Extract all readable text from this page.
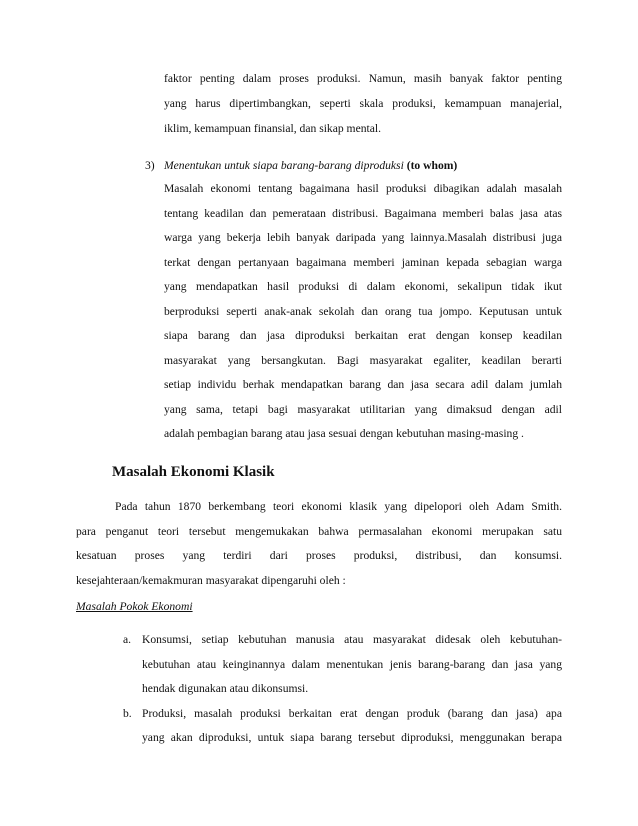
faktor penting dalam proses produksi. Namun, masih banyak faktor penting
yang harus dipertimbangkan, seperti skala produksi, kemampuan manajerial,
iklim, kemampuan finansial, dan sikap mental.
3) Menentukan untuk siapa barang-barang diproduksi (to whom)
Masalah ekonomi tentang bagaimana hasil produksi dibagikan adalah masalah
tentang keadilan dan pemerataan distribusi. Bagaimana memberi balas jasa atas
warga yang bekerja lebih banyak daripada yang lainnya.Masalah distribusi juga
terkat dengan pertanyaan bagaimana memberi jaminan kepada sebagian warga
yang mendapatkan hasil produksi di dalam ekonomi, sekalipun tidak ikut
berproduksi seperti anak-anak sekolah dan orang tua jompo. Keputusan untuk
siapa barang dan jasa diproduksi berkaitan erat dengan konsep keadilan
masyarakat yang bersangkutan. Bagi masyarakat egaliter, keadilan berarti
setiap individu berhak mendapatkan barang dan jasa secara adil dalam jumlah
yang sama, tetapi bagi masyarakat utilitarian yang dimaksud dengan adil
adalah pembagian barang atau jasa sesuai dengan kebutuhan masing-masing .
Masalah Ekonomi Klasik
Pada tahun 1870 berkembang teori ekonomi klasik yang dipelopori oleh Adam Smith.
para penganut teori tersebut mengemukakan bahwa permasalahan ekonomi merupakan satu
kesatuan proses yang terdiri dari proses produksi, distribusi, dan konsumsi.
kesejahteraan/kemakmuran masyarakat dipengaruhi oleh :
Masalah Pokok Ekonomi
a. Konsumsi, setiap kebutuhan manusia atau masyarakat didesak oleh kebutuhan-
kebutuhan atau keinginannya dalam menentukan jenis barang-barang dan jasa yang
hendak digunakan atau dikonsumsi.
b. Produksi, masalah produksi berkaitan erat dengan produk (barang dan jasa) apa
yang akan diproduksi, untuk siapa barang tersebut diproduksi, menggunakan berapa
